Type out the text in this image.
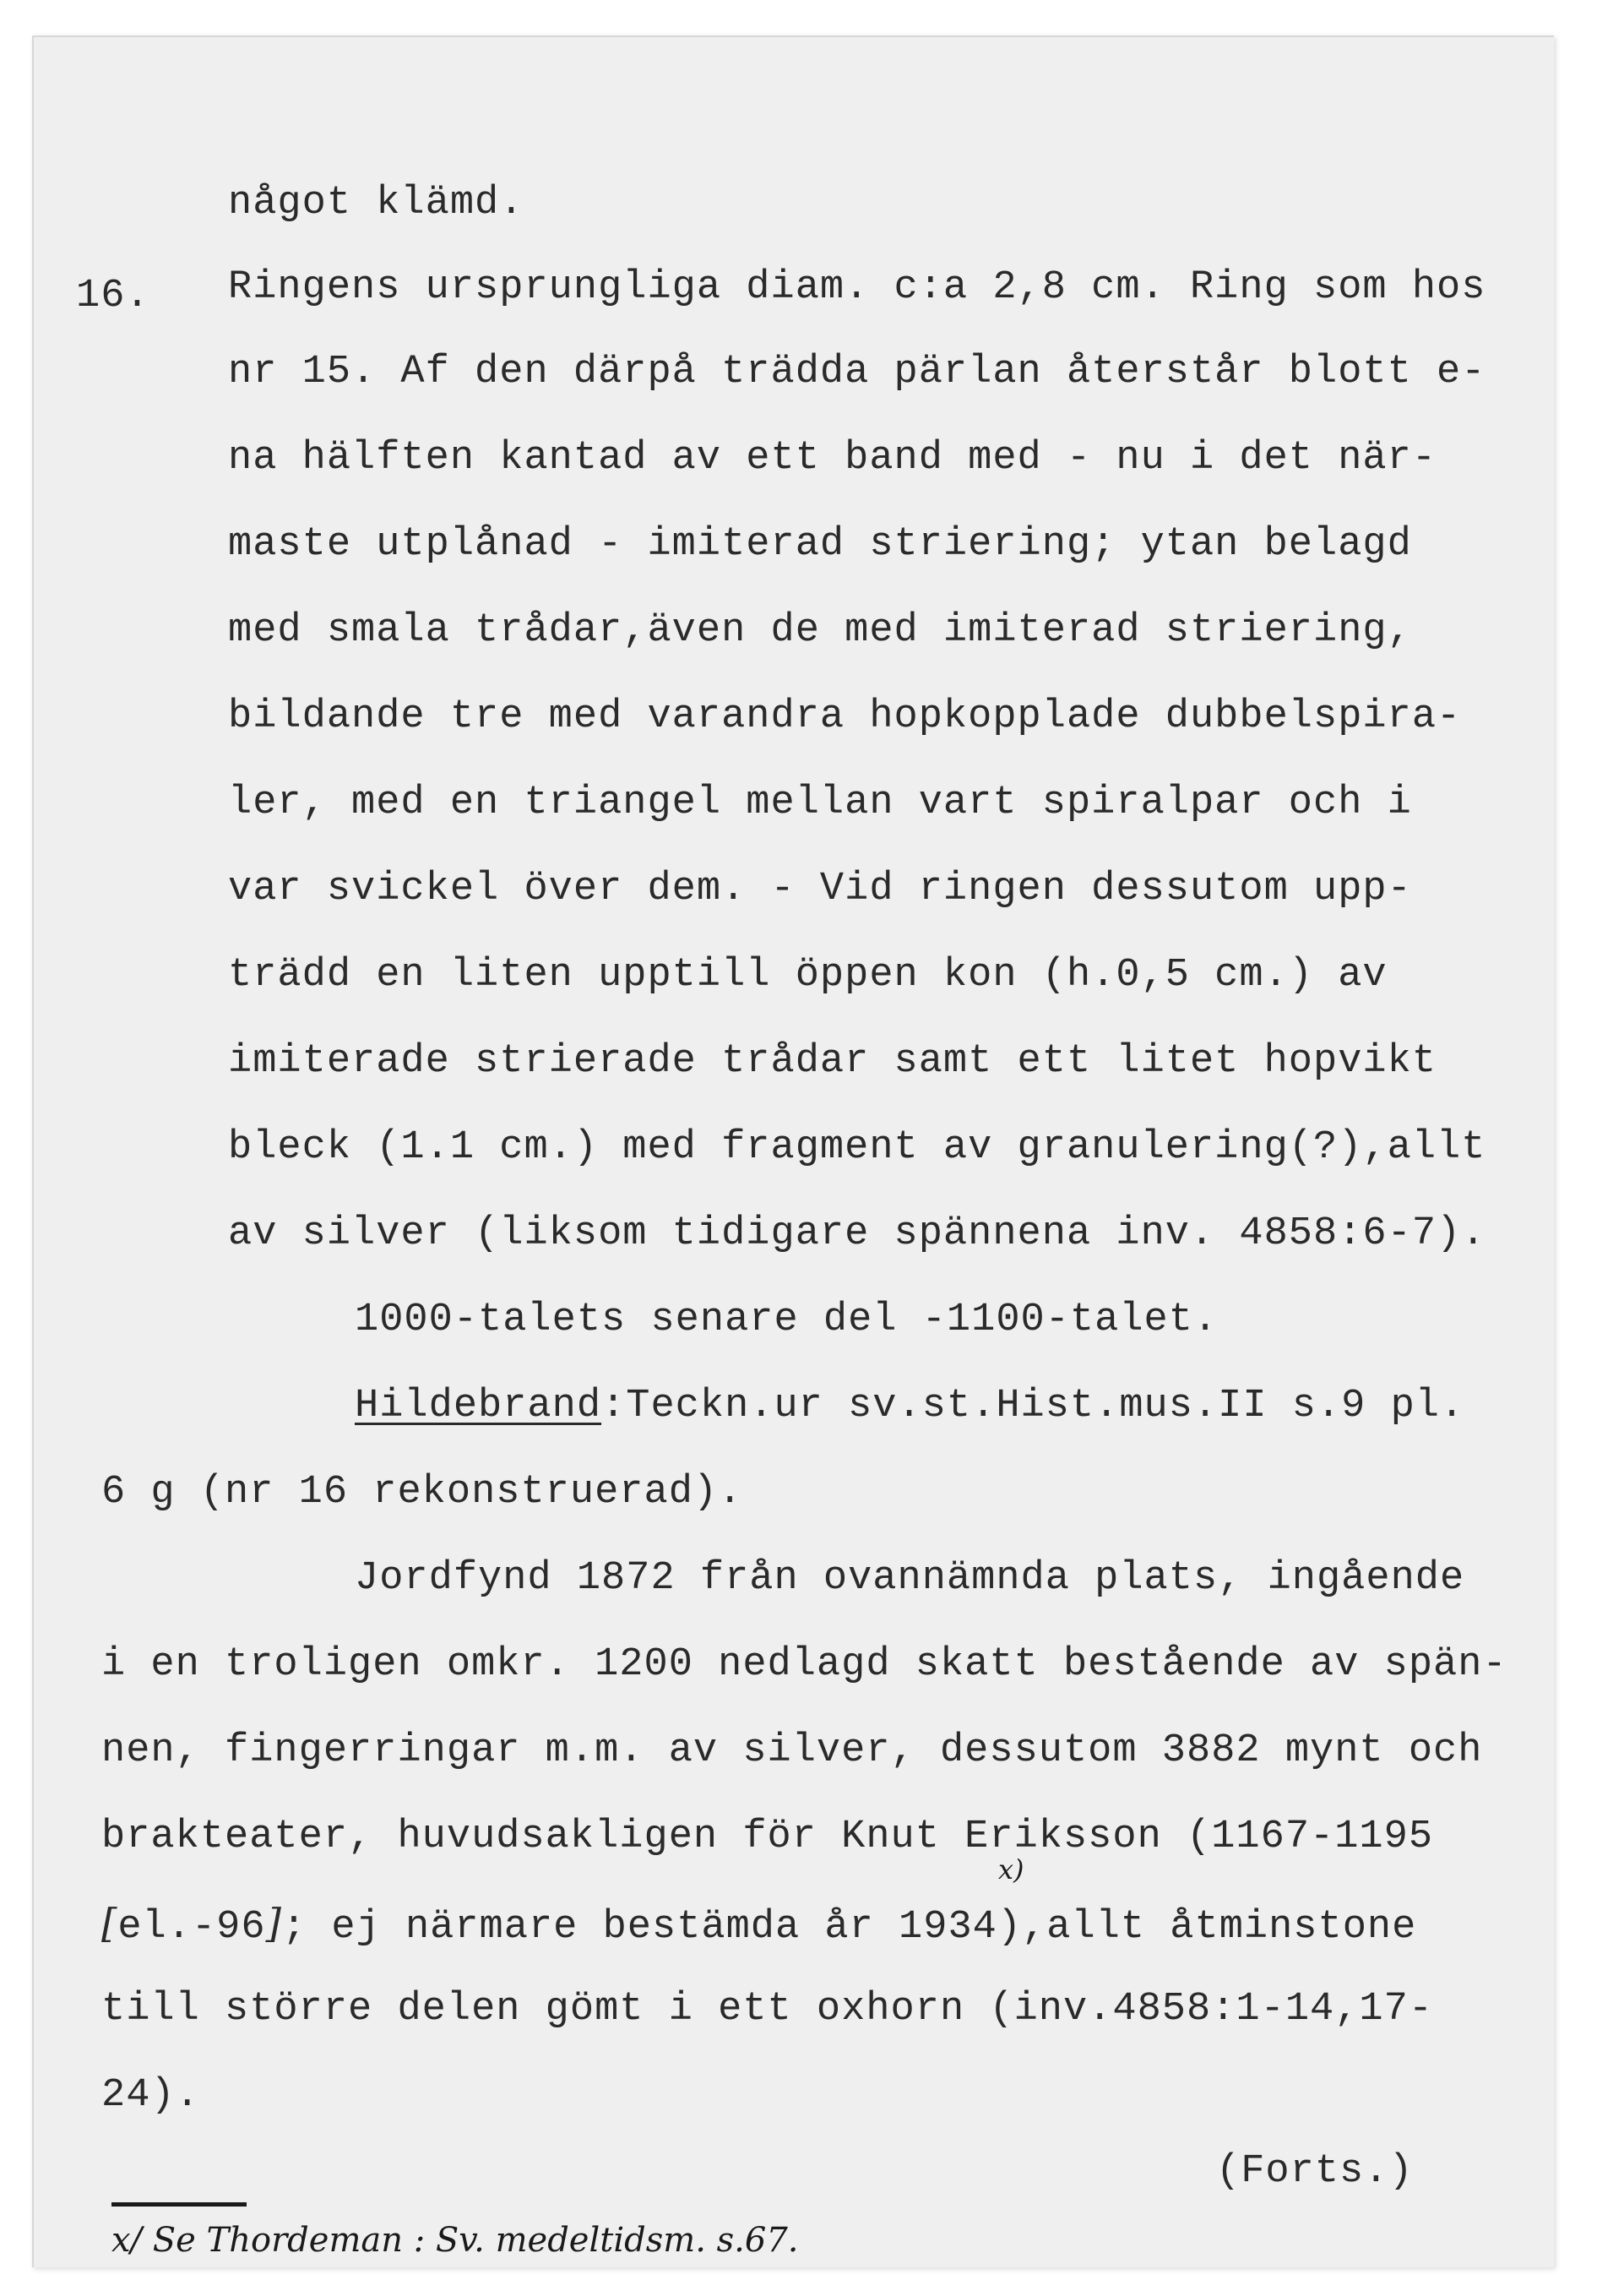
något klämd.
16. Ringens ursprungliga diam. c:a 2,8 cm. Ring som hos
nr 15. Af den därpå trädda pärlan återstår blott e-
na hälften kantad av ett band med - nu i det när-
maste utplånad - imiterad striering; ytan belagd
med smala trådar,även de med imiterad striering,
bildande tre med varandra hopkopplade dubbelspira-
ler, med en triangel mellan vart spiralpar och i
var svickel över dem. - Vid ringen dessutom upp-
trädd en liten upptill öppen kon (h.0,5 cm.) av
imiterade strierade trådar samt ett litet hopvikt
bleck (1.1 cm.) med fragment av granulering(?),allt
av silver (liksom tidigare spännena inv. 4858:6-7).
1000-talets senare del -1100-talet.
Hildebrand:Teckn.ur sv.st.Hist.mus.II s.9 pl.
6 g (nr 16 rekonstruerad).
Jordfynd 1872 från ovannämnda plats, ingående
i en troligen omkr. 1200 nedlagd skatt bestående av spän-
nen, fingerringar m.m. av silver, dessutom 3882 mynt och
brakteater, huvudsakligen för Knut Eriksson (1167-1195
x)
[el.-96]; ej närmare bestämda år 1934),allt åtminstone
till större delen gömt i ett oxhorn (inv.4858:1-14,17-
24).
(Forts.)
x/ Se Thordeman : Sv. medeltidsm. s.67.
